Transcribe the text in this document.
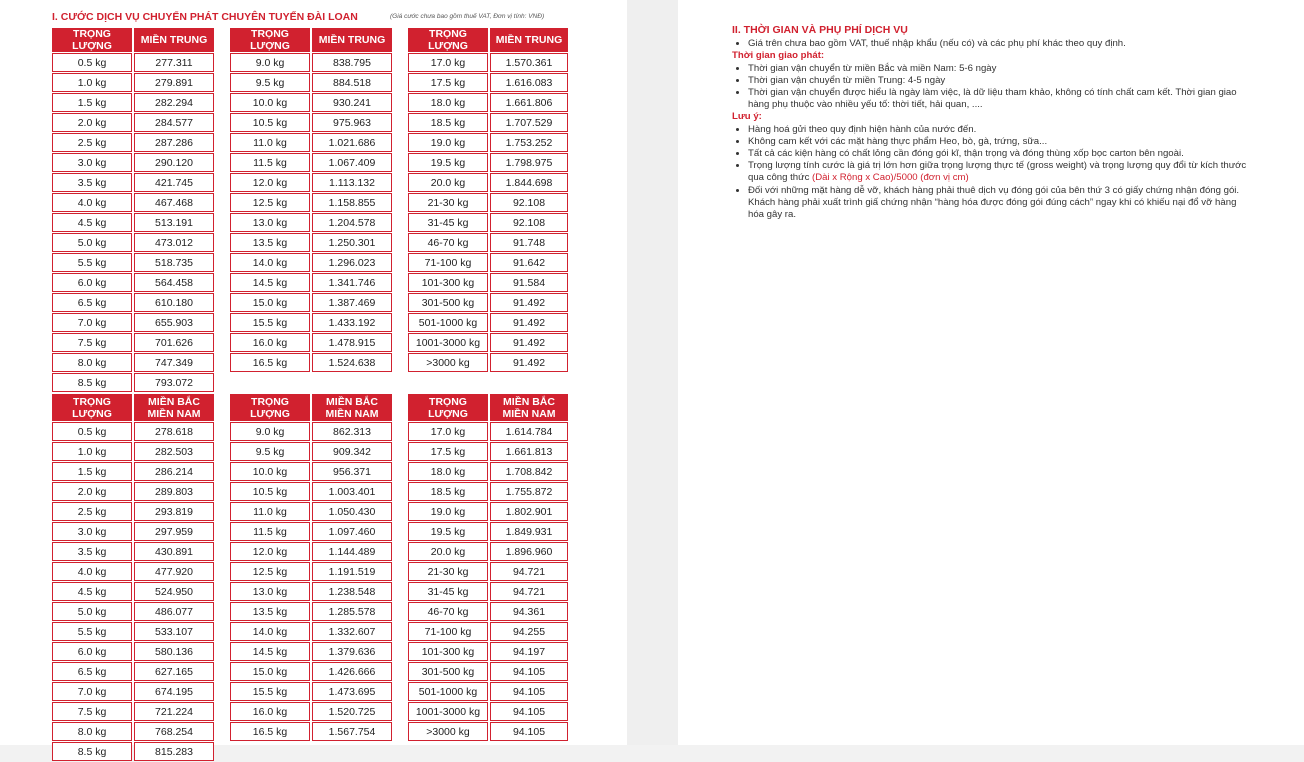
I. CƯỚC DỊCH VỤ CHUYỂN PHÁT CHUYÊN TUYẾN ĐÀI LOAN	(Giá cước chưa bao gồm thuế VAT, Đơn vị tính: VNĐ)
TRỌNG LƯỢNG	MIỀN TRUNG
0.5 kg	277.311
1.0 kg	279.891
1.5 kg	282.294
2.0 kg	284.577
2.5 kg	287.286
3.0 kg	290.120
3.5 kg	421.745
4.0 kg	467.468
4.5 kg	513.191
5.0 kg	473.012
5.5 kg	518.735
6.0 kg	564.458
6.5 kg	610.180
7.0 kg	655.903
7.5 kg	701.626
8.0 kg	747.349
8.5 kg	793.072
TRỌNG LƯỢNG	MIỀN TRUNG
9.0 kg	838.795
9.5 kg	884.518
10.0 kg	930.241
10.5 kg	975.963
11.0 kg	1.021.686
11.5 kg	1.067.409
12.0 kg	1.113.132
12.5 kg	1.158.855
13.0 kg	1.204.578
13.5 kg	1.250.301
14.0 kg	1.296.023
14.5 kg	1.341.746
15.0 kg	1.387.469
15.5 kg	1.433.192
16.0 kg	1.478.915
16.5 kg	1.524.638
TRỌNG LƯỢNG	MIỀN TRUNG
17.0 kg	1.570.361
17.5 kg	1.616.083
18.0 kg	1.661.806
18.5 kg	1.707.529
19.0 kg	1.753.252
19.5 kg	1.798.975
20.0 kg	1.844.698
21-30 kg	92.108
31-45 kg	92.108
46-70 kg	91.748
71-100 kg	91.642
101-300 kg	91.584
301-500 kg	91.492
501-1000 kg	91.492
1001-3000 kg	91.492
>3000 kg	91.492
TRỌNG LƯỢNG	MIỀN BẮC
MIỀN NAM
0.5 kg	278.618
1.0 kg	282.503
1.5 kg	286.214
2.0 kg	289.803
2.5 kg	293.819
3.0 kg	297.959
3.5 kg	430.891
4.0 kg	477.920
4.5 kg	524.950
5.0 kg	486.077
5.5 kg	533.107
6.0 kg	580.136
6.5 kg	627.165
7.0 kg	674.195
7.5 kg	721.224
8.0 kg	768.254
8.5 kg	815.283
TRỌNG LƯỢNG	MIỀN BẮC
MIỀN NAM
9.0 kg	862.313
9.5 kg	909.342
10.0 kg	956.371
10.5 kg	1.003.401
11.0 kg	1.050.430
11.5 kg	1.097.460
12.0 kg	1.144.489
12.5 kg	1.191.519
13.0 kg	1.238.548
13.5 kg	1.285.578
14.0 kg	1.332.607
14.5 kg	1.379.636
15.0 kg	1.426.666
15.5 kg	1.473.695
16.0 kg	1.520.725
16.5 kg	1.567.754
TRỌNG LƯỢNG	MIỀN BẮC
MIỀN NAM
17.0 kg	1.614.784
17.5 kg	1.661.813
18.0 kg	1.708.842
18.5 kg	1.755.872
19.0 kg	1.802.901
19.5 kg	1.849.931
20.0 kg	1.896.960
21-30 kg	94.721
31-45 kg	94.721
46-70 kg	94.361
71-100 kg	94.255
101-300 kg	94.197
301-500 kg	94.105
501-1000 kg	94.105
1001-3000 kg	94.105
>3000 kg	94.105
II. THỜI GIAN VÀ PHỤ PHÍ DỊCH VỤ
• Giá trên chưa bao gồm VAT, thuế nhập khẩu (nếu có) và các phụ phí khác theo quy định.
Thời gian giao phát:
• Thời gian vận chuyển từ miền Bắc và miền Nam: 5-6 ngày
• Thời gian vận chuyển từ miền Trung: 4-5 ngày
• Thời gian vận chuyển được hiểu là ngày làm việc, là dữ liệu tham khảo, không có tính chất cam kết. Thời gian giao hàng phụ thuộc vào nhiều yếu tố: thời tiết, hải quan, ....
Lưu ý:
• Hàng hoá gửi theo quy định hiện hành của nước đến.
• Không cam kết với các mặt hàng thực phẩm Heo, bò, gà, trứng, sữa...
• Tất cả các kiện hàng có chất lỏng cần đóng gói kĩ, thận trọng và đóng thùng xốp bọc carton bên ngoài.
• Trọng lượng tính cước là giá trị lớn hơn giữa trọng lượng thực tế (gross weight) và trọng lượng quy đổi từ kích thước qua công thức (Dài x Rộng x Cao)/5000 (đơn vị cm)
• Đối với những mặt hàng dễ vỡ, khách hàng phải thuê dịch vụ đóng gói của bên thứ 3 có giấy chứng nhận đóng gói. Khách hàng phải xuất trình giấ chứng nhận “hàng hóa được đóng gói đúng cách” ngay khi có khiếu nại đổ vỡ hàng hóa gây ra.
